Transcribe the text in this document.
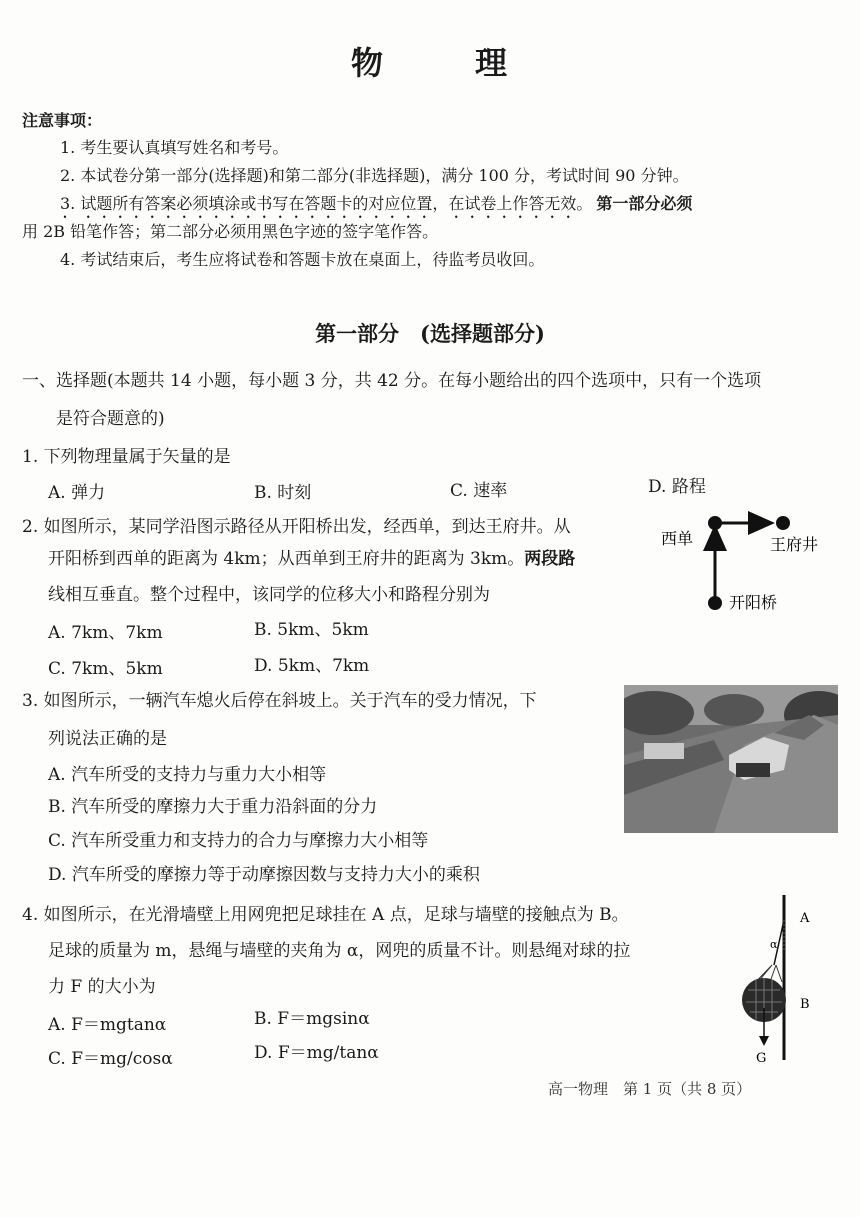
物	理
注意事项：
1. 考生要认真填写姓名和考号。
2. 本试卷分第一部分(选择题)和第二部分(非选择题)，满分 100 分，考试时间 90 分钟。
3. 试题所有答案必须填涂或书写在答题卡的对应位置，在试卷上作答无效。 第一部分必须
用 2B 铅笔作答；第二部分必须用黑色字迹的签字笔作答。
4. 考试结束后，考生应将试卷和答题卡放在桌面上，待监考员收回。
第一部分　(选择题部分)
一、选择题(本题共 14 小题，每小题 3 分，共 42 分。在每小题给出的四个选项中，只有一个选项
是符合题意的)
1. 下列物理量属于矢量的是
A. 弹力	B. 时刻	C. 速率	D. 路程
2. 如图所示，某同学沿图示路径从开阳桥出发，经西单，到达王府井。从
开阳桥到西单的距离为 4km；从西单到王府井的距离为 3km。两段路
线相互垂直。整个过程中，该同学的位移大小和路程分别为
A. 7km、7km	B. 5km、5km
C. 7km、5km	D. 5km、7km
西单	王府井
开阳桥
3. 如图所示，一辆汽车熄火后停在斜坡上。关于汽车的受力情况，下
列说法正确的是
A. 汽车所受的支持力与重力大小相等
B. 汽车所受的摩擦力大于重力沿斜面的分力
C. 汽车所受重力和支持力的合力与摩擦力大小相等
D. 汽车所受的摩擦力等于动摩擦因数与支持力大小的乘积
4. 如图所示，在光滑墙壁上用网兜把足球挂在 A 点，足球与墙壁的接触点为 B。
足球的质量为 m，悬绳与墙壁的夹角为 α，网兜的质量不计。则悬绳对球的拉
力 F 的大小为
A. F＝mgtanα	B. F＝mgsinα
C. F＝mg/cosα	D. F＝mg/tanα
α
A
B
G
高一物理　第 1 页（共 8 页）
